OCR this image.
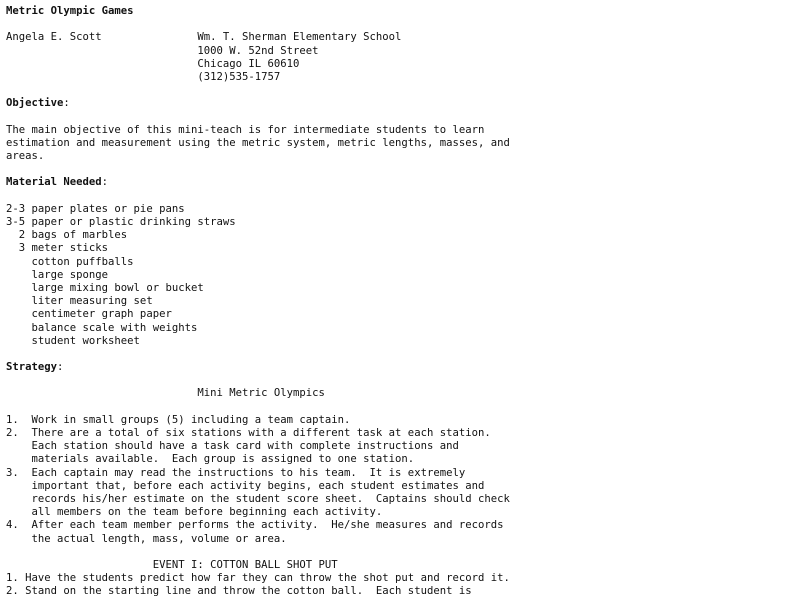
Metric Olympic Games
Angela E. Scott               Wm. T. Sherman Elementary School
1000 W. 52nd Street
Chicago IL 60610
(312)535-1757
Objective:
The main objective of this mini-teach is for intermediate students to learn
estimation and measurement using the metric system, metric lengths, masses, and
areas.
Material Needed:
2-3 paper plates or pie pans
3-5 paper or plastic drinking straws
2 bags of marbles
3 meter sticks
cotton puffballs
large sponge
large mixing bowl or bucket
liter measuring set
centimeter graph paper
balance scale with weights
student worksheet
Strategy:
Mini Metric Olympics
1.  Work in small groups (5) including a team captain.
2.  There are a total of six stations with a different task at each station.
Each station should have a task card with complete instructions and
materials available.  Each group is assigned to one station.
3.  Each captain may read the instructions to his team.  It is extremely
important that, before each activity begins, each student estimates and
records his/her estimate on the student score sheet.  Captains should check
all members on the team before beginning each activity.
4.  After each team member performs the activity.  He/she measures and records
the actual length, mass, volume or area.
EVENT I: COTTON BALL SHOT PUT
1. Have the students predict how far they can throw the shot put and record it.
2. Stand on the starting line and throw the cotton ball.  Each student is
